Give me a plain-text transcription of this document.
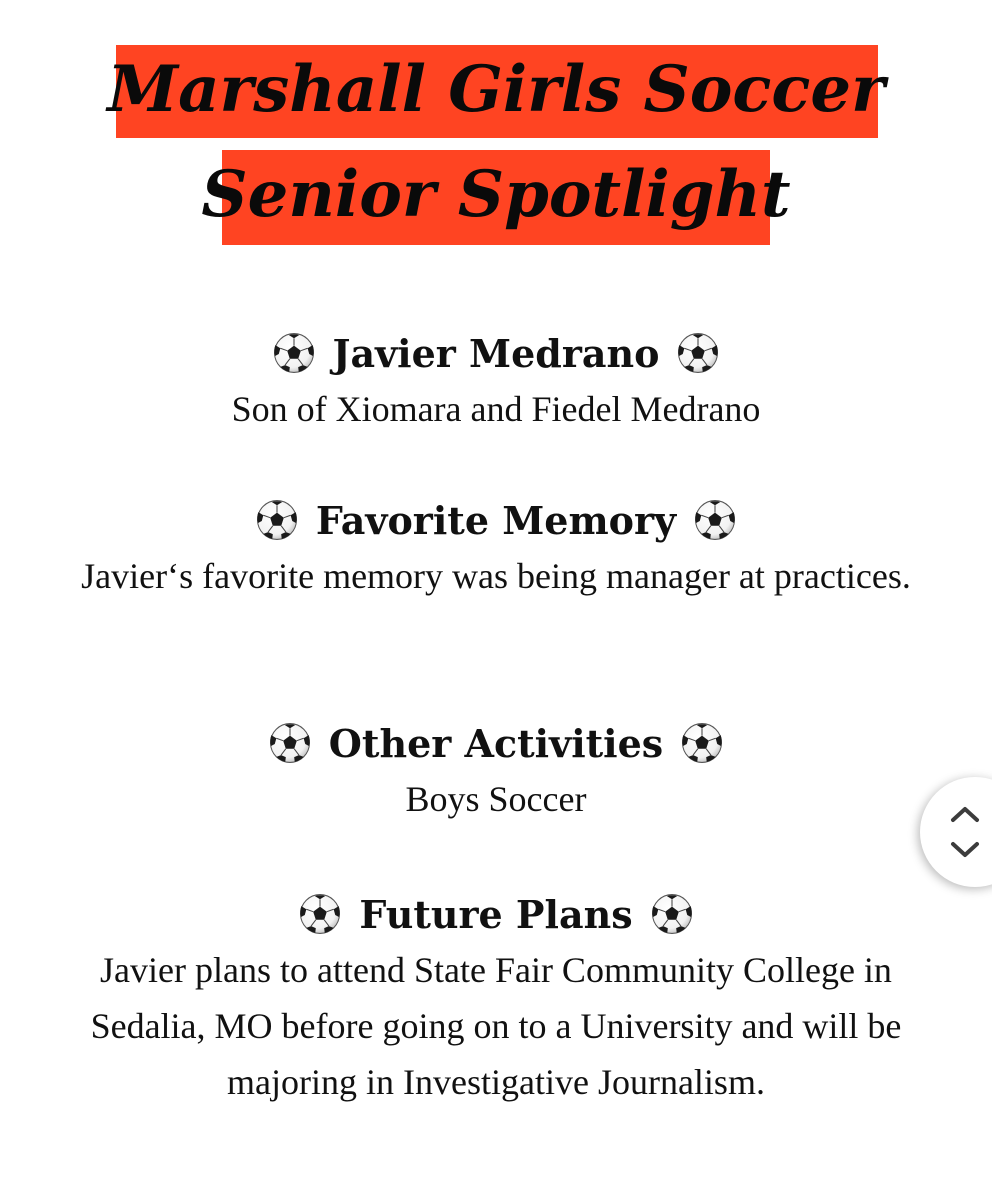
Marshall Girls Soccer
Senior Spotlight
Javier Medrano
Son of Xiomara and Fiedel Medrano
Favorite Memory
Javier‘s favorite memory was being manager at practices.
Other Activities
Boys Soccer
Future Plans
Javier plans to attend State Fair Community College in Sedalia, MO before going on to a University and will be majoring in Investigative Journalism.
